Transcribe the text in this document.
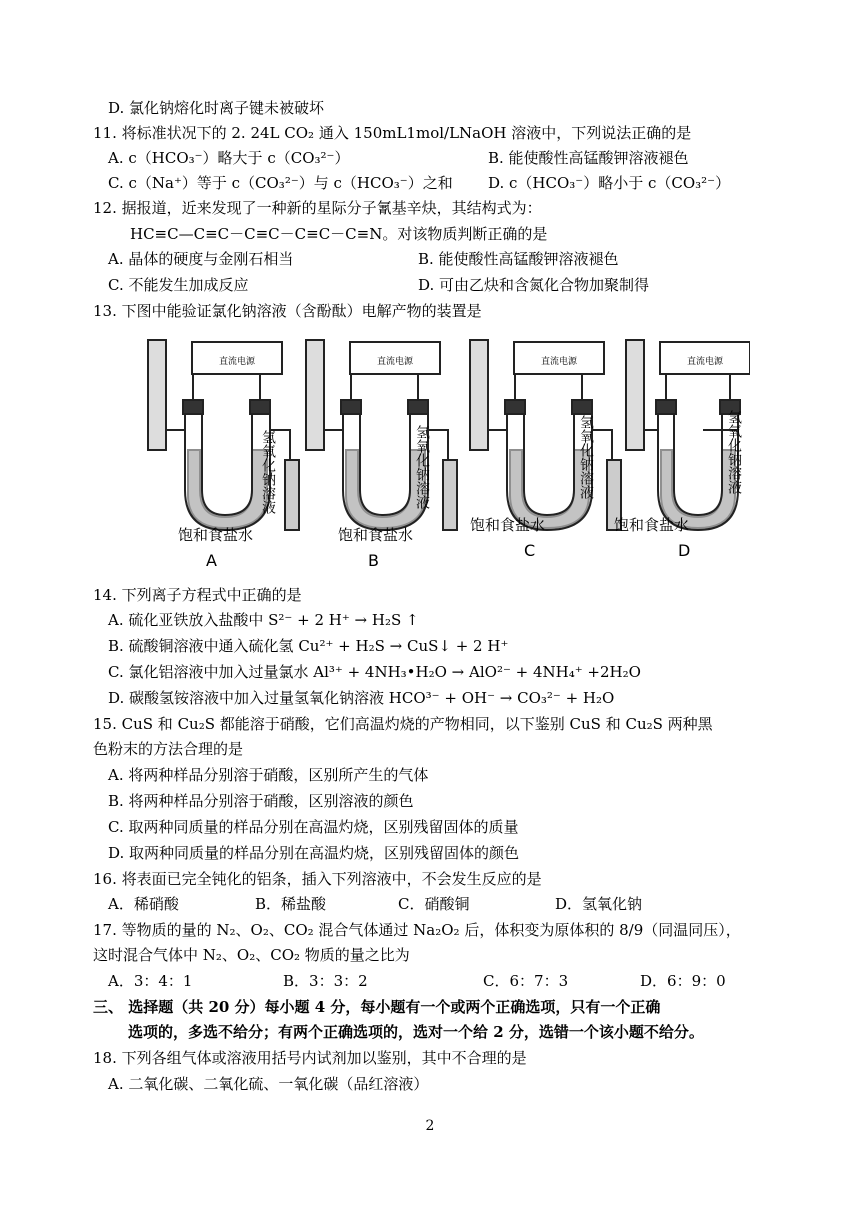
D. 氯化钠熔化时离子键未被破坏
11. 将标准状况下的 2. 24L CO₂ 通入 150mL1mol/LNaOH 溶液中，下列说法正确的是
A. c（HCO₃⁻）略大于 c（CO₃²⁻）	B. 能使酸性高锰酸钾溶液褪色
C. c（Na⁺）等于 c（CO₃²⁻）与 c（HCO₃⁻）之和 D. c（HCO₃⁻）略小于 c（CO₃²⁻）
12. 据报道，近来发现了一种新的星际分子氰基辛炔，其结构式为：
HC≡C—C≡C－C≡C－C≡C－C≡N。对该物质判断正确的是
A. 晶体的硬度与金刚石相当	B. 能使酸性高锰酸钾溶液褪色
C. 不能发生加成反应	D. 可由乙炔和含氮化合物加聚制得
13. 下图中能验证氯化钠溶液（含酚酞）电解产物的装置是
直流电源	直流电源	直流电源	直流电源
饱和食盐水	饱和食盐水
饱和食盐水	饱和食盐水
A	B
C	D
氢氧化钠溶液	氢氧化钠溶液	氢氧化钠溶液	氢氧化钠溶液
14. 下列离子方程式中正确的是
A. 硫化亚铁放入盐酸中 S²⁻ + 2 H⁺ → H₂S ↑
B. 硫酸铜溶液中通入硫化氢 Cu²⁺ + H₂S → CuS↓ + 2 H⁺
C. 氯化铝溶液中加入过量氯水 Al³⁺ + 4NH₃•H₂O → AlO²⁻ + 4NH₄⁺ +2H₂O
D. 碳酸氢铵溶液中加入过量氢氧化钠溶液 HCO³⁻ + OH⁻ → CO₃²⁻ + H₂O
15. CuS 和 Cu₂S 都能溶于硝酸，它们高温灼烧的产物相同，以下鉴别 CuS 和 Cu₂S 两种黑
色粉末的方法合理的是
A. 将两种样品分别溶于硝酸，区别所产生的气体
B. 将两种样品分别溶于硝酸，区别溶液的颜色
C. 取两种同质量的样品分别在高温灼烧，区别残留固体的质量
D. 取两种同质量的样品分别在高温灼烧，区别残留固体的颜色
16. 将表面已完全钝化的铝条，插入下列溶液中，不会发生反应的是
A．稀硝酸	B．稀盐酸	C．硝酸铜	D．氢氧化钠
17. 等物质的量的 N₂、O₂、CO₂ 混合气体通过 Na₂O₂ 后，体积变为原体积的 8/9（同温同压），
这时混合气体中 N₂、O₂、CO₂ 物质的量之比为
A．3：4：1	B．3：3：2	C．6：7：3	D．6：9：0
三、 选择题（共 20 分）每小题 4 分，每小题有一个或两个正确选项，只有一个正确
选项的，多选不给分；有两个正确选项的，选对一个给 2 分，选错一个该小题不给分。
18. 下列各组气体或溶液用括号内试剂加以鉴别，其中不合理的是
A. 二氧化碳、二氧化硫、一氧化碳（品红溶液）
2
